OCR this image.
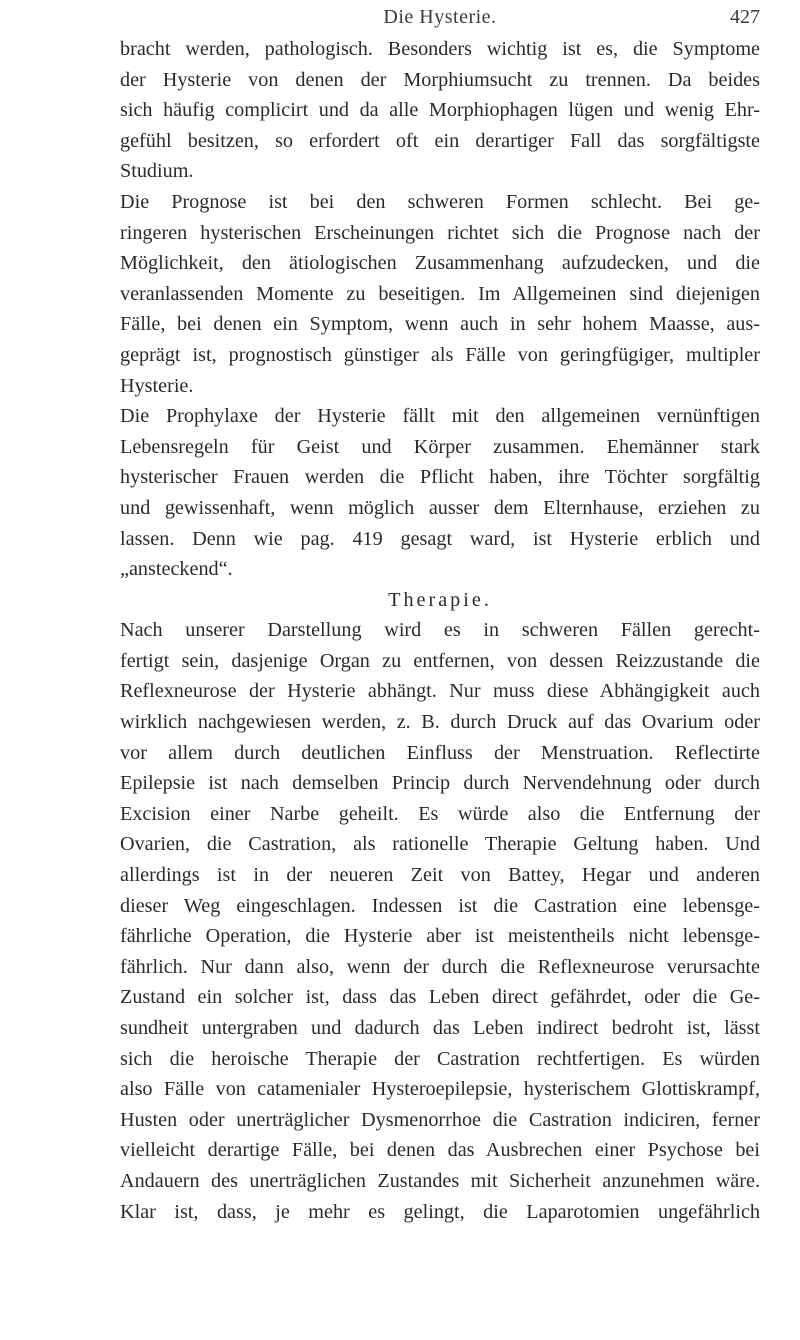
Die Hysterie.	427
bracht werden, pathologisch. Besonders wichtig ist es, die Symptome
der Hysterie von denen der Morphiumsucht zu trennen. Da beides
sich häufig complicirt und da alle Morphiophagen lügen und wenig Ehr-
gefühl besitzen, so erfordert oft ein derartiger Fall das sorgfältigste
Studium.
Die Prognose ist bei den schweren Formen schlecht. Bei ge-
ringeren hysterischen Erscheinungen richtet sich die Prognose nach der
Möglichkeit, den ätiologischen Zusammenhang aufzudecken, und die
veranlassenden Momente zu beseitigen. Im Allgemeinen sind diejenigen
Fälle, bei denen ein Symptom, wenn auch in sehr hohem Maasse, aus-
geprägt ist, prognostisch günstiger als Fälle von geringfügiger, multipler
Hysterie.
Die Prophylaxe der Hysterie fällt mit den allgemeinen vernünftigen
Lebensregeln für Geist und Körper zusammen. Ehemänner stark
hysterischer Frauen werden die Pflicht haben, ihre Töchter sorgfältig
und gewissenhaft, wenn möglich ausser dem Elternhause, erziehen zu
lassen. Denn wie pag. 419 gesagt ward, ist Hysterie erblich und
„ansteckend“.
Therapie.
Nach unserer Darstellung wird es in schweren Fällen gerecht-
fertigt sein, dasjenige Organ zu entfernen, von dessen Reizzustande die
Reflexneurose der Hysterie abhängt. Nur muss diese Abhängigkeit auch
wirklich nachgewiesen werden, z. B. durch Druck auf das Ovarium oder
vor allem durch deutlichen Einfluss der Menstruation. Reflectirte
Epilepsie ist nach demselben Princip durch Nervendehnung oder durch
Excision einer Narbe geheilt. Es würde also die Entfernung der
Ovarien, die Castration, als rationelle Therapie Geltung haben. Und
allerdings ist in der neueren Zeit von Battey, Hegar und anderen
dieser Weg eingeschlagen. Indessen ist die Castration eine lebensge-
fährliche Operation, die Hysterie aber ist meistentheils nicht lebensge-
fährlich. Nur dann also, wenn der durch die Reflexneurose verursachte
Zustand ein solcher ist, dass das Leben direct gefährdet, oder die Ge-
sundheit untergraben und dadurch das Leben indirect bedroht ist, lässt
sich die heroische Therapie der Castration rechtfertigen. Es würden
also Fälle von catamenialer Hysteroepilepsie, hysterischem Glottiskrampf,
Husten oder unerträglicher Dysmenorrhoe die Castration indiciren, ferner
vielleicht derartige Fälle, bei denen das Ausbrechen einer Psychose bei
Andauern des unerträglichen Zustandes mit Sicherheit anzunehmen wäre.
Klar ist, dass, je mehr es gelingt, die Laparotomien ungefährlich
